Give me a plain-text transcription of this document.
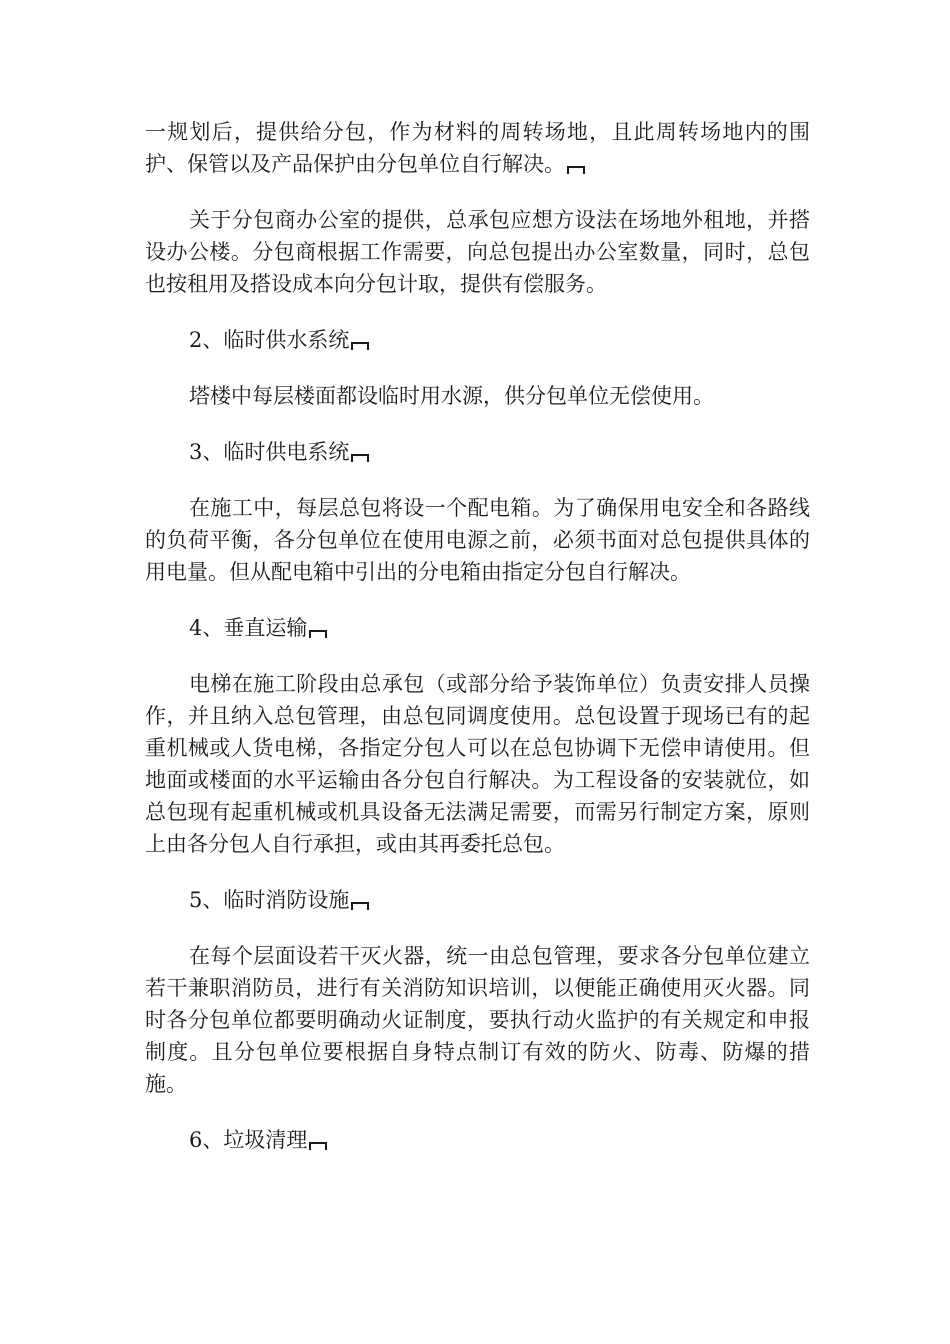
一规划后，提供给分包，作为材料的周转场地，且此周转场地内的围护、保管以及产品保护由分包单位自行解决。

关于分包商办公室的提供，总承包应想方设法在场地外租地，并搭设办公楼。分包商根据工作需要，向总包提出办公室数量，同时，总包也按租用及搭设成本向分包计取，提供有偿服务。

2、临时供水系统

塔楼中每层楼面都设临时用水源，供分包单位无偿使用。

3、临时供电系统

在施工中，每层总包将设一个配电箱。为了确保用电安全和各路线的负荷平衡，各分包单位在使用电源之前，必须书面对总包提供具体的用电量。但从配电箱中引出的分电箱由指定分包自行解决。

4、垂直运输

电梯在施工阶段由总承包（或部分给予装饰单位）负责安排人员操作，并且纳入总包管理，由总包同调度使用。总包设置于现场已有的起重机械或人货电梯，各指定分包人可以在总包协调下无偿申请使用。但地面或楼面的水平运输由各分包自行解决。为工程设备的安装就位，如总包现有起重机械或机具设备无法满足需要，而需另行制定方案，原则上由各分包人自行承担，或由其再委托总包。

5、临时消防设施

在每个层面设若干灭火器，统一由总包管理，要求各分包单位建立若干兼职消防员，进行有关消防知识培训，以便能正确使用灭火器。同时各分包单位都要明确动火证制度，要执行动火监护的有关规定和申报制度。且分包单位要根据自身特点制订有效的防火、防毒、防爆的措施。

6、垃圾清理
